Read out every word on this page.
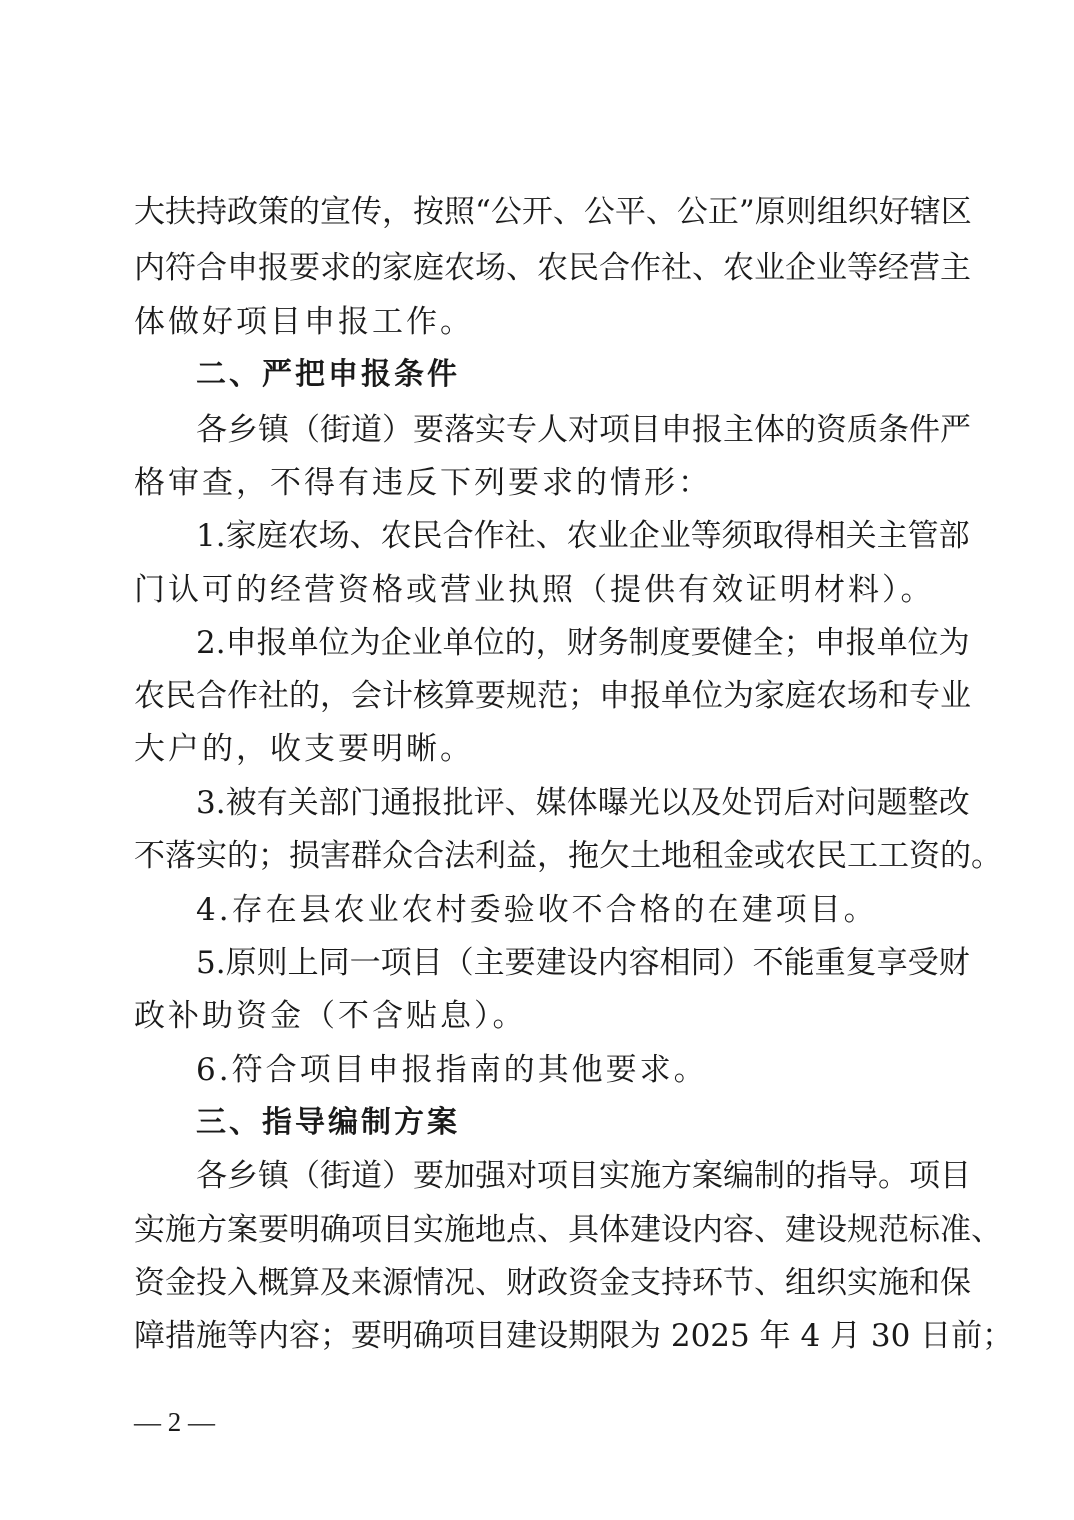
大扶持政策的宣传，按照“公开、公平、公正”原则组织好辖区
内符合申报要求的家庭农场、农民合作社、农业企业等经营主
体做好项目申报工作。
二、严把申报条件
各乡镇（街道）要落实专人对项目申报主体的资质条件严
格审查，不得有违反下列要求的情形：
1.家庭农场、农民合作社、农业企业等须取得相关主管部
门认可的经营资格或营业执照（提供有效证明材料）。
2.申报单位为企业单位的，财务制度要健全；申报单位为
农民合作社的，会计核算要规范；申报单位为家庭农场和专业
大户的，收支要明晰。
3.被有关部门通报批评、媒体曝光以及处罚后对问题整改
不落实的；损害群众合法利益，拖欠土地租金或农民工工资的。
4.存在县农业农村委验收不合格的在建项目。
5.原则上同一项目（主要建设内容相同）不能重复享受财
政补助资金（不含贴息）。
6.符合项目申报指南的其他要求。
三、指导编制方案
各乡镇（街道）要加强对项目实施方案编制的指导。项目
实施方案要明确项目实施地点、具体建设内容、建设规范标准、
资金投入概算及来源情况、财政资金支持环节、组织实施和保
障措施等内容；要明确项目建设期限为 2025 年 4 月 30 日前；
— 2 —
